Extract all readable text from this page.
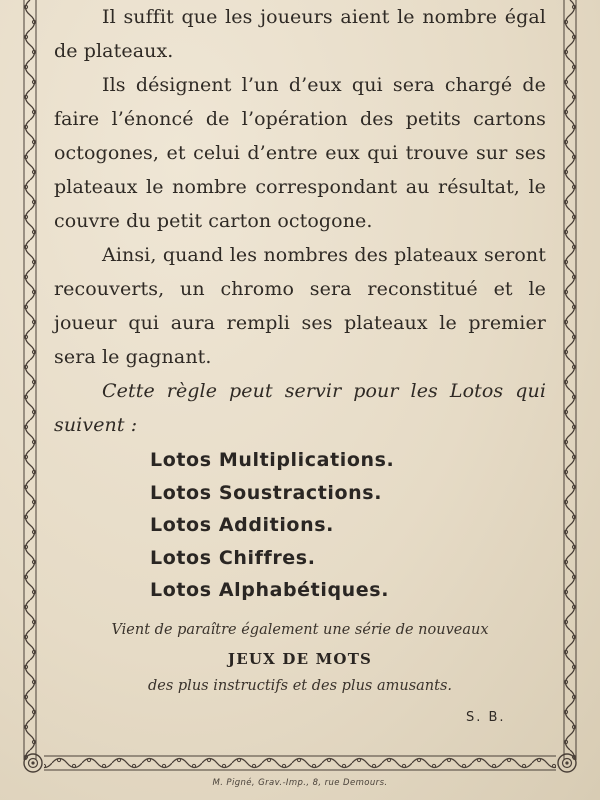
Il suffit que les joueurs aient le nombre égal de plateaux.

Ils désignent l’un d’eux qui sera chargé de faire l’énoncé de l’opération des petits cartons octogones, et celui d’entre eux qui trouve sur ses plateaux le nombre correspondant au résultat, le couvre du petit carton octogone.

Ainsi, quand les nombres des plateaux seront recouverts, un chromo sera reconstitué et le joueur qui aura rempli ses plateaux le premier sera le gagnant.

Cette règle peut servir pour les Lotos qui suivent :

Lotos Multiplications.
Lotos Soustractions.
Lotos Additions.
Lotos Chiffres.
Lotos Alphabétiques.
Vient de paraître également une série de nouveaux
JEUX DE MOTS
des plus instructifs et des plus amusants.
S. B.
M. Pigné, Grav.-Imp., 8, rue Demours.
